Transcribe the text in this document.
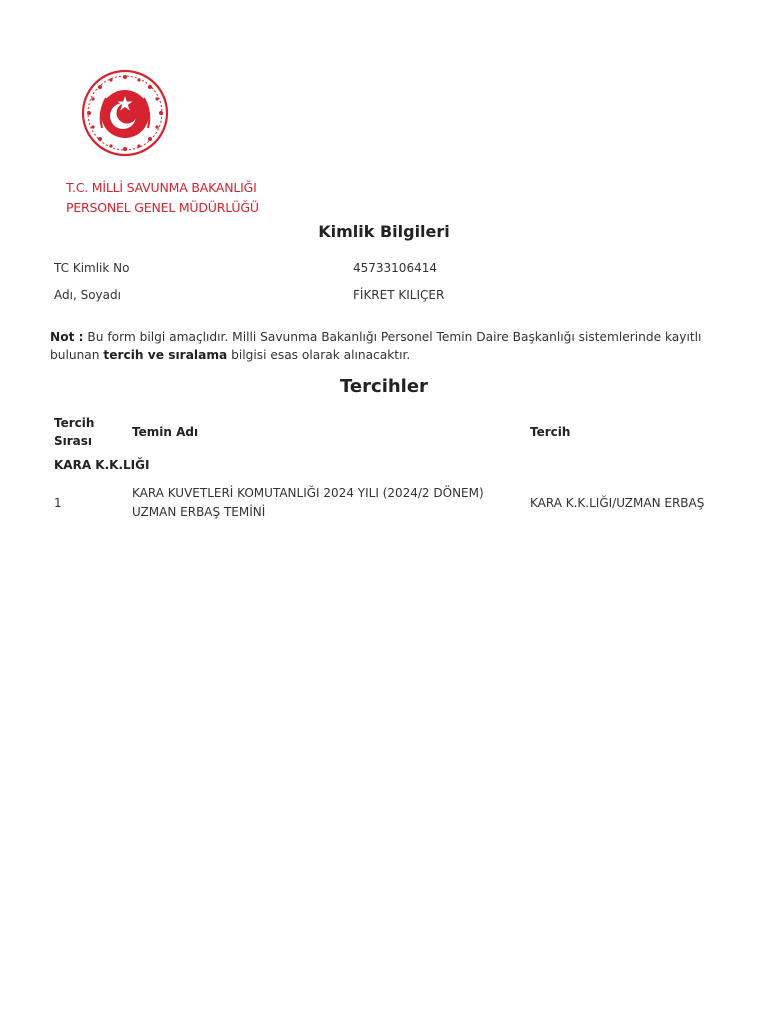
T.C. MİLLİ SAVUNMA BAKANLIĞI
PERSONEL GENEL MÜDÜRLÜĞÜ
Kimlik Bilgileri
TC Kimlik No	45733106414
Adı, Soyadı	FİKRET KILIÇER
Not : Bu form bilgi amaçlıdır. Milli Savunma Bakanlığı Personel Temin Daire Başkanlığı sistemlerinde kayıtlı bulunan tercih ve sıralama bilgisi esas olarak alınacaktır.
Tercihler
Tercih Sırası	Temin Adı	Tercih
KARA K.K.LIĞI		
1	KARA KUVETLERİ KOMUTANLIĞI 2024 YILI (2024/2 DÖNEM) UZMAN ERBAŞ TEMİNİ	KARA K.K.LIĞI/UZMAN ERBAŞ
